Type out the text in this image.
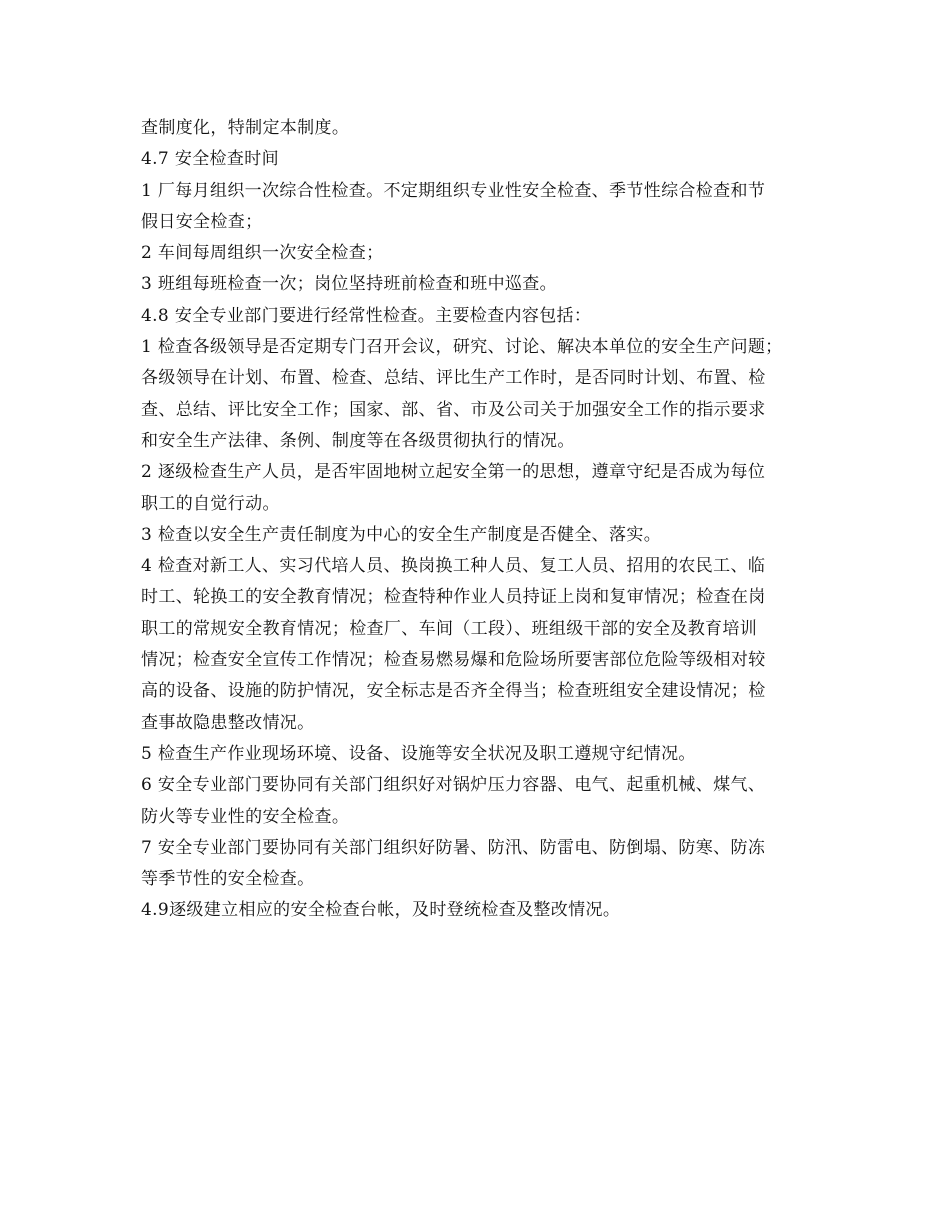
查制度化，特制定本制度。
4.7 安全检查时间
1 厂每月组织一次综合性检查。不定期组织专业性安全检查、季节性综合检查和节
假日安全检查；
2 车间每周组织一次安全检查；
3 班组每班检查一次；岗位坚持班前检查和班中巡查。
4.8 安全专业部门要进行经常性检查。主要检查内容包括：
1 检查各级领导是否定期专门召开会议，研究、讨论、解决本单位的安全生产问题；
各级领导在计划、布置、检查、总结、评比生产工作时，是否同时计划、布置、检
查、总结、评比安全工作；国家、部、省、市及公司关于加强安全工作的指示要求
和安全生产法律、条例、制度等在各级贯彻执行的情况。
2 逐级检查生产人员，是否牢固地树立起安全第一的思想，遵章守纪是否成为每位
职工的自觉行动。
3 检查以安全生产责任制度为中心的安全生产制度是否健全、落实。
4 检查对新工人、实习代培人员、换岗换工种人员、复工人员、招用的农民工、临
时工、轮换工的安全教育情况；检查特种作业人员持证上岗和复审情况；检查在岗
职工的常规安全教育情况；检查厂、车间（工段）、班组级干部的安全及教育培训
情况；检查安全宣传工作情况；检查易燃易爆和危险场所要害部位危险等级相对较
高的设备、设施的防护情况，安全标志是否齐全得当；检查班组安全建设情况；检
查事故隐患整改情况。
5 检查生产作业现场环境、设备、设施等安全状况及职工遵规守纪情况。
6 安全专业部门要协同有关部门组织好对锅炉压力容器、电气、起重机械、煤气、
防火等专业性的安全检查。
7 安全专业部门要协同有关部门组织好防暑、防汛、防雷电、防倒塌、防寒、防冻
等季节性的安全检查。
4.9逐级建立相应的安全检查台帐，及时登统检查及整改情况。
